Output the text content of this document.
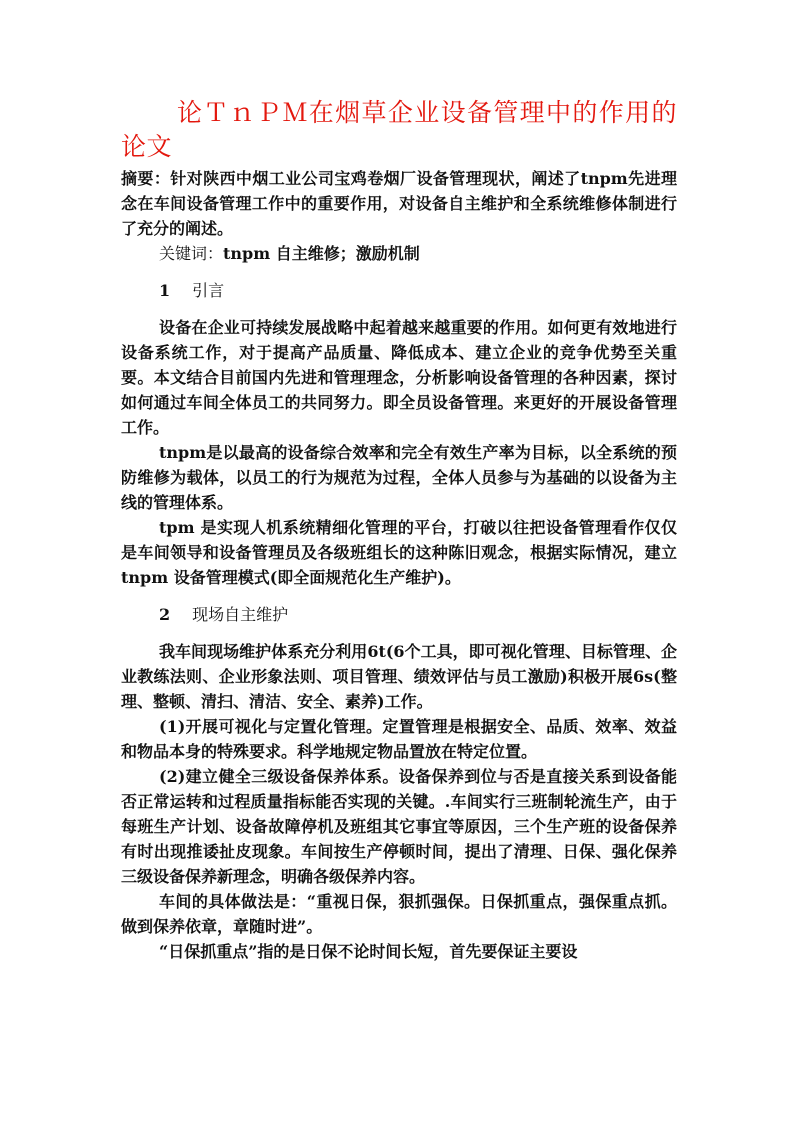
论ＴｎＰＭ在烟草企业设备管理中的作用的论文

摘要：针对陕西中烟工业公司宝鸡卷烟厂设备管理现状，阐述了tnpm先进理念在车间设备管理工作中的重要作用，对设备自主维护和全系统维修体制进行了充分的阐述。

关键词：tnpm 自主维修；激励机制

1 引言

设备在企业可持续发展战略中起着越来越重要的作用。如何更有效地进行设备系统工作，对于提高产品质量、降低成本、建立企业的竞争优势至关重要。本文结合目前国内先进和管理理念，分析影响设备管理的各种因素，探讨如何通过车间全体员工的共同努力。即全员设备管理。来更好的开展设备管理工作。

tnpm是以最高的设备综合效率和完全有效生产率为目标，以全系统的预防维修为载体，以员工的行为规范为过程，全体人员参与为基础的以设备为主线的管理体系。

tpm 是实现人机系统精细化管理的平台，打破以往把设备管理看作仅仅是车间领导和设备管理员及各级班组长的这种陈旧观念，根据实际情况，建立tnpm 设备管理模式(即全面规范化生产维护)。

2 现场自主维护

我车间现场维护体系充分利用6t(6个工具，即可视化管理、目标管理、企业教练法则、企业形象法则、项目管理、绩效评估与员工激励)积极开展6s(整理、整顿、清扫、清洁、安全、素养)工作。

(1)开展可视化与定置化管理。定置管理是根据安全、品质、效率、效益和物品本身的特殊要求。科学地规定物品置放在特定位置。

(2)建立健全三级设备保养体系。设备保养到位与否是直接关系到设备能否正常运转和过程质量指标能否实现的关键。.车间实行三班制轮流生产，由于每班生产计划、设备故障停机及班组其它事宜等原因，三个生产班的设备保养有时出现推诿扯皮现象。车间按生产停顿时间，提出了清理、日保、强化保养三级设备保养新理念，明确各级保养内容。

车间的具体做法是：“重视日保，狠抓强保。日保抓重点，强保重点抓。做到保养依章，章随时进”。

“日保抓重点”指的是日保不论时间长短，首先要保证主要设
